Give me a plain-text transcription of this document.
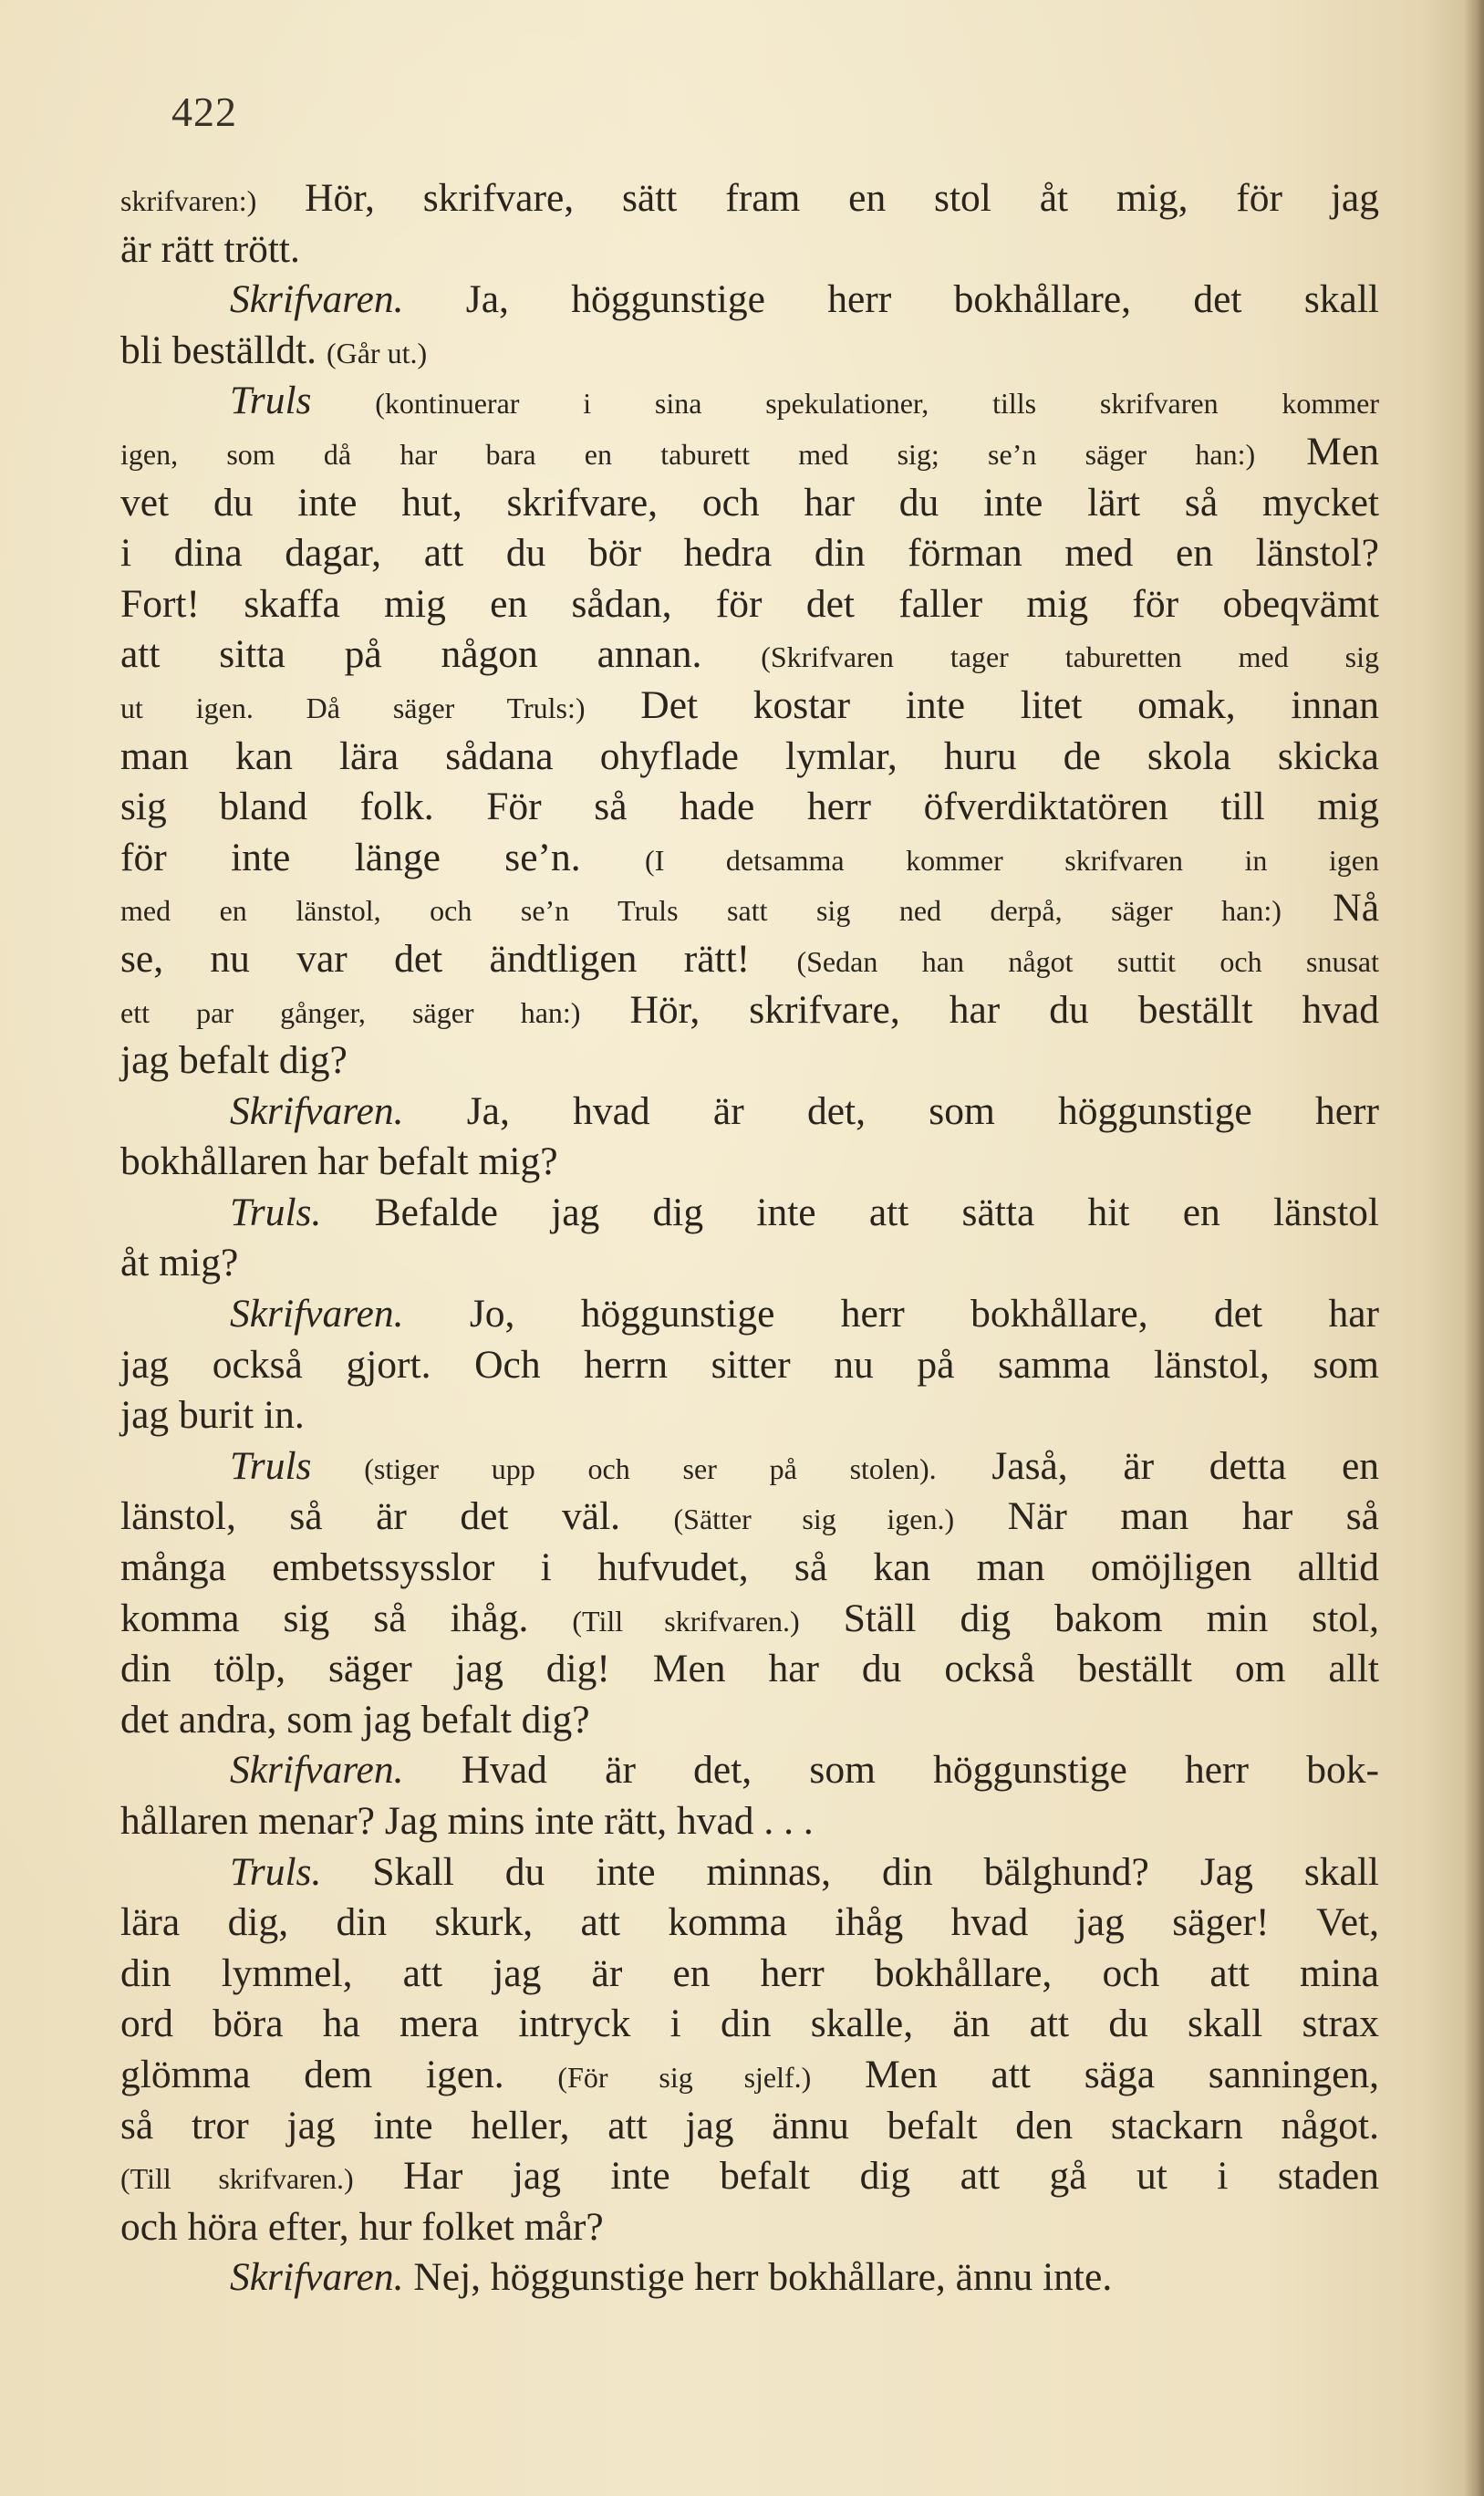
422
skrifvaren:) Hör, skrifvare, sätt fram en stol åt mig, för jag
är rätt trött.
Skrifvaren. Ja, höggunstige herr bokhållare, det skall
bli beställdt. (Går ut.)
Truls (kontinuerar i sina spekulationer, tills skrifvaren kommer
igen, som då har bara en taburett med sig; se’n säger han:) Men
vet du inte hut, skrifvare, och har du inte lärt så mycket
i dina dagar, att du bör hedra din förman med en länstol?
Fort! skaffa mig en sådan, för det faller mig för obeqvämt
att sitta på någon annan. (Skrifvaren tager taburetten med sig
ut igen. Då säger Truls:) Det kostar inte litet omak, innan
man kan lära sådana ohyflade lymlar, huru de skola skicka
sig bland folk. För så hade herr öfverdiktatören till mig
för inte länge se’n. (I detsamma kommer skrifvaren in igen
med en länstol, och se’n Truls satt sig ned derpå, säger han:) Nå
se, nu var det ändtligen rätt! (Sedan han något suttit och snusat
ett par gånger, säger han:) Hör, skrifvare, har du beställt hvad
jag befalt dig?
Skrifvaren. Ja, hvad är det, som höggunstige herr
bokhållaren har befalt mig?
Truls. Befalde jag dig inte att sätta hit en länstol
åt mig?
Skrifvaren. Jo, höggunstige herr bokhållare, det har
jag också gjort. Och herrn sitter nu på samma länstol, som
jag burit in.
Truls (stiger upp och ser på stolen). Jaså, är detta en
länstol, så är det väl. (Sätter sig igen.) När man har så
många embetssysslor i hufvudet, så kan man omöjligen alltid
komma sig så ihåg. (Till skrifvaren.) Ställ dig bakom min stol,
din tölp, säger jag dig! Men har du också beställt om allt
det andra, som jag befalt dig?
Skrifvaren. Hvad är det, som höggunstige herr bok-
hållaren menar? Jag mins inte rätt, hvad . . .
Truls. Skall du inte minnas, din bälghund? Jag skall
lära dig, din skurk, att komma ihåg hvad jag säger! Vet,
din lymmel, att jag är en herr bokhållare, och att mina
ord böra ha mera intryck i din skalle, än att du skall strax
glömma dem igen. (För sig sjelf.) Men att säga sanningen,
så tror jag inte heller, att jag ännu befalt den stackarn något.
(Till skrifvaren.) Har jag inte befalt dig att gå ut i staden
och höra efter, hur folket mår?
Skrifvaren. Nej, höggunstige herr bokhållare, ännu inte.
